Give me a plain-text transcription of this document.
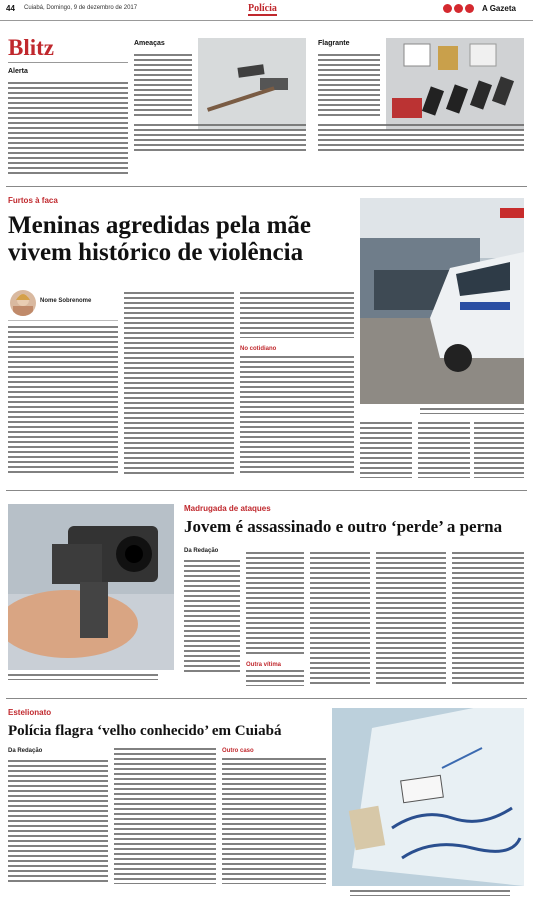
44 Cuiabá, Domingo, 9 de dezembro de 2017	Polícia	A Gazeta
Blitz
Alerta
Ameaças	Flagrante
Furtos à faca
Meninas agredidas pela mãe vivem histórico de violência
Nome Sobrenome
No cotidiano
Madrugada de ataques
Jovem é assassinado e outro ‘perde’ a perna
Da Redação
Outra vítima
Estelionato
Polícia flagra ‘velho conhecido’ em Cuiabá
Da Redação	Outro caso
